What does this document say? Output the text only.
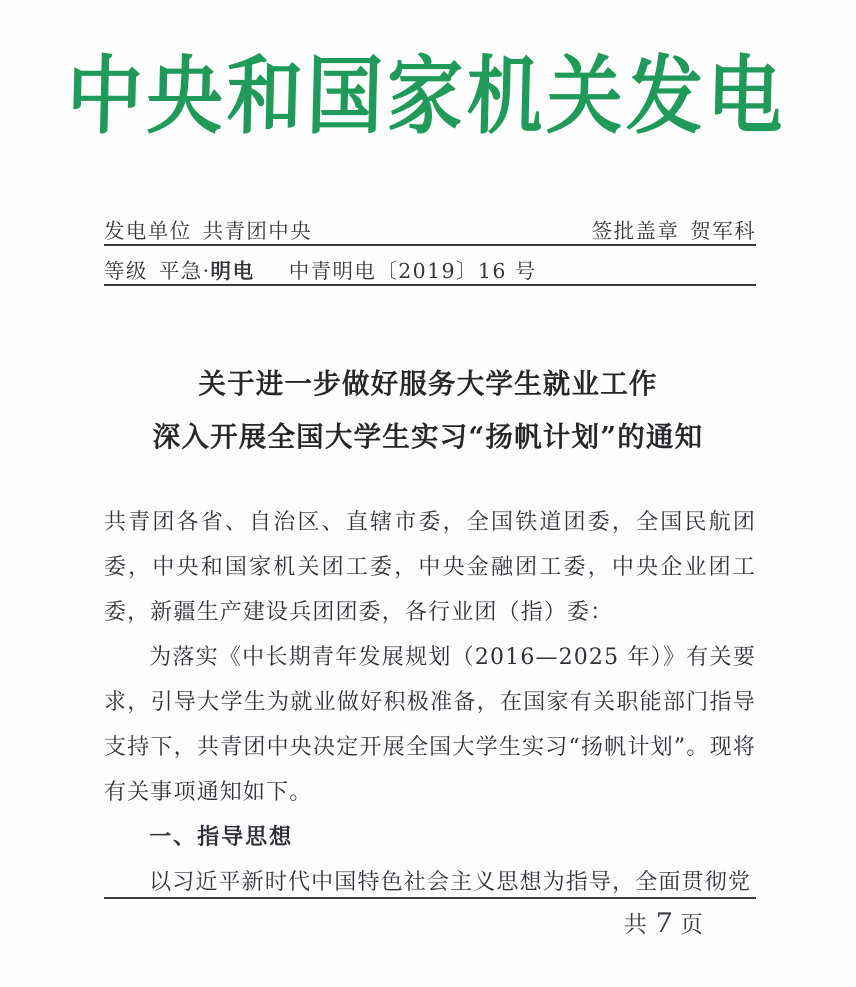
中央和国家机关发电
发电单位 共青团中央	签批盖章 贺军科
等级 平急· 明电 中青明电〔2019〕16 号
关于进一步做好服务大学生就业工作
深入开展全国大学生实习“扬帆计划”的通知

共青团各省、自治区、直辖市委，全国铁道团委，全国民航团委，中央和国家机关团工委，中央金融团工委，中央企业团工委，新疆生产建设兵团团委，各行业团（指）委：

为落实《中长期青年发展规划（2016—2025 年）》有关要求，引导大学生为就业做好积极准备，在国家有关职能部门指导支持下，共青团中央决定开展全国大学生实习“扬帆计划”。现将有关事项通知如下。

一、指导思想

以习近平新时代中国特色社会主义思想为指导，全面贯彻党

共7页
